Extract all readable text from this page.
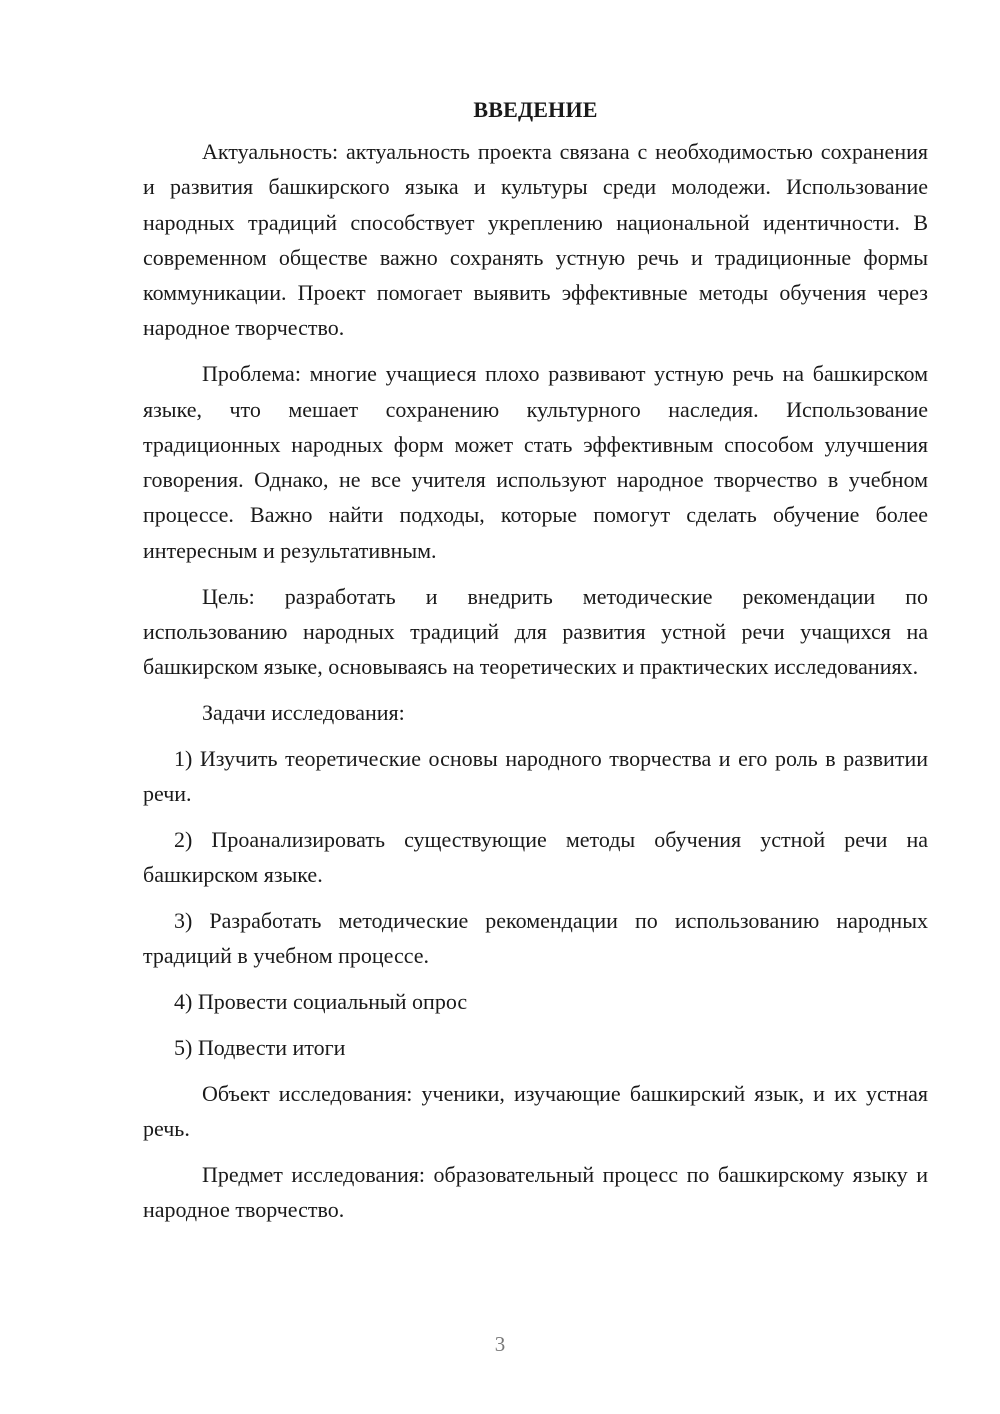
ВВЕДЕНИЕ

Актуальность: актуальность проекта связана с необходимостью сохранения и развития башкирского языка и культуры среди молодежи. Использование народных традиций способствует укреплению национальной идентичности. В современном обществе важно сохранять устную речь и традиционные формы коммуникации. Проект помогает выявить эффективные методы обучения через народное творчество.

Проблема: многие учащиеся плохо развивают устную речь на башкирском языке, что мешает сохранению культурного наследия. Использование традиционных народных форм может стать эффективным способом улучшения говорения. Однако, не все учителя используют народное творчество в учебном процессе. Важно найти подходы, которые помогут сделать обучение более интересным и результативным.

Цель: разработать и внедрить методические рекомендации по использованию народных традиций для развития устной речи учащихся на башкирском языке, основываясь на теоретических и практических исследованиях.

Задачи исследования:

1) Изучить теоретические основы народного творчества и его роль в развитии речи.

2) Проанализировать существующие методы обучения устной речи на башкирском языке.

3) Разработать методические рекомендации по использованию народных традиций в учебном процессе.

4) Провести социальный опрос

5) Подвести итоги

Объект исследования: ученики, изучающие башкирский язык, и их устная речь.

Предмет исследования: образовательный процесс по башкирскому языку и народное творчество.

3
